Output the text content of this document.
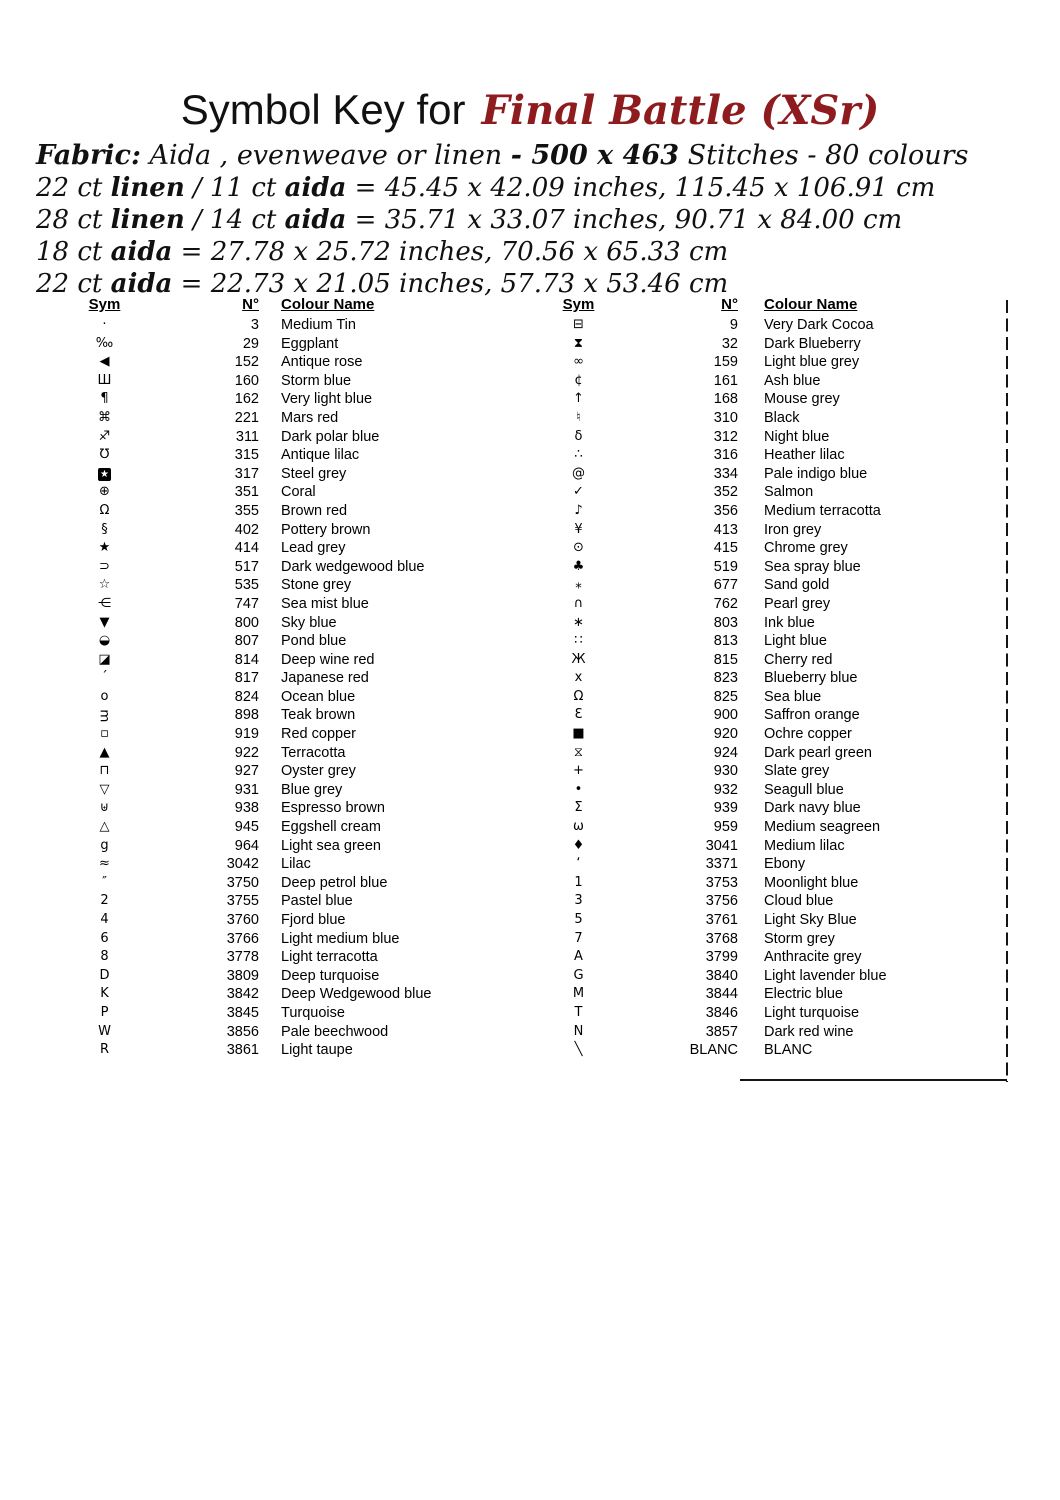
Symbol Key for Final Battle (XSr)
Fabric: Aida , evenweave or linen - 500 x 463 Stitches - 80 colours
22 ct linen / 11 ct aida = 45.45 x 42.09 inches, 115.45 x 106.91 cm
28 ct linen / 14 ct aida = 35.71 x 33.07 inches, 90.71 x 84.00 cm
18 ct aida = 27.78 x 25.72 inches, 70.56 x 65.33 cm
22 ct aida = 22.73 x 21.05 inches, 57.73 x 53.46 cm
Sym	N°	Colour Name
·	3	Medium Tin
‰	29	Eggplant
◀	152	Antique rose
Ш	160	Storm blue
¶	162	Very light blue
⌘	221	Mars red
♐	311	Dark polar blue
℧	315	Antique lilac
★	317	Steel grey
⊕	351	Coral
Ω	355	Brown red
§	402	Pottery brown
★	414	Lead grey
⊃	517	Dark wedgewood blue
☆	535	Stone grey
⋲	747	Sea mist blue
▼	800	Sky blue
◒	807	Pond blue
◪	814	Deep wine red
ˊ	817	Japanese red
o	824	Ocean blue
ᴟ	898	Teak brown
▫	919	Red copper
▲	922	Terracotta
⊓	927	Oyster grey
▽	931	Blue grey
⊎	938	Espresso brown
△	945	Eggshell cream
g	964	Light sea green
≈	3042	Lilac
″	3750	Deep petrol blue
2	3755	Pastel blue
4	3760	Fjord blue
6	3766	Light medium blue
8	3778	Light terracotta
D	3809	Deep turquoise
K	3842	Deep Wedgewood blue
P	3845	Turquoise
W	3856	Pale beechwood
R	3861	Light taupe
Sym	N°	Colour Name
⊟	9	Very Dark Cocoa
⧗	32	Dark Blueberry
∞	159	Light blue grey
¢	161	Ash blue
↑	168	Mouse grey
♮	310	Black
δ	312	Night blue
∴	316	Heather lilac
@	334	Pale indigo blue
✓	352	Salmon
♪	356	Medium terracotta
¥	413	Iron grey
⊙	415	Chrome grey
♣	519	Sea spray blue
⁎	677	Sand gold
∩	762	Pearl grey
∗	803	Ink blue
∷	813	Light blue
Ж	815	Cherry red
x	823	Blueberry blue
Ω	825	Sea blue
Ɛ	900	Saffron orange
■	920	Ochre copper
⧖	924	Dark pearl green
+	930	Slate grey
•	932	Seagull blue
Σ	939	Dark navy blue
ω	959	Medium seagreen
♦	3041	Medium lilac
‘	3371	Ebony
1	3753	Moonlight blue
3	3756	Cloud blue
5	3761	Light Sky Blue
7	3768	Storm grey
A	3799	Anthracite grey
G	3840	Light lavender blue
M	3844	Electric blue
T	3846	Light turquoise
N	3857	Dark red wine
╲	BLANC	BLANC
